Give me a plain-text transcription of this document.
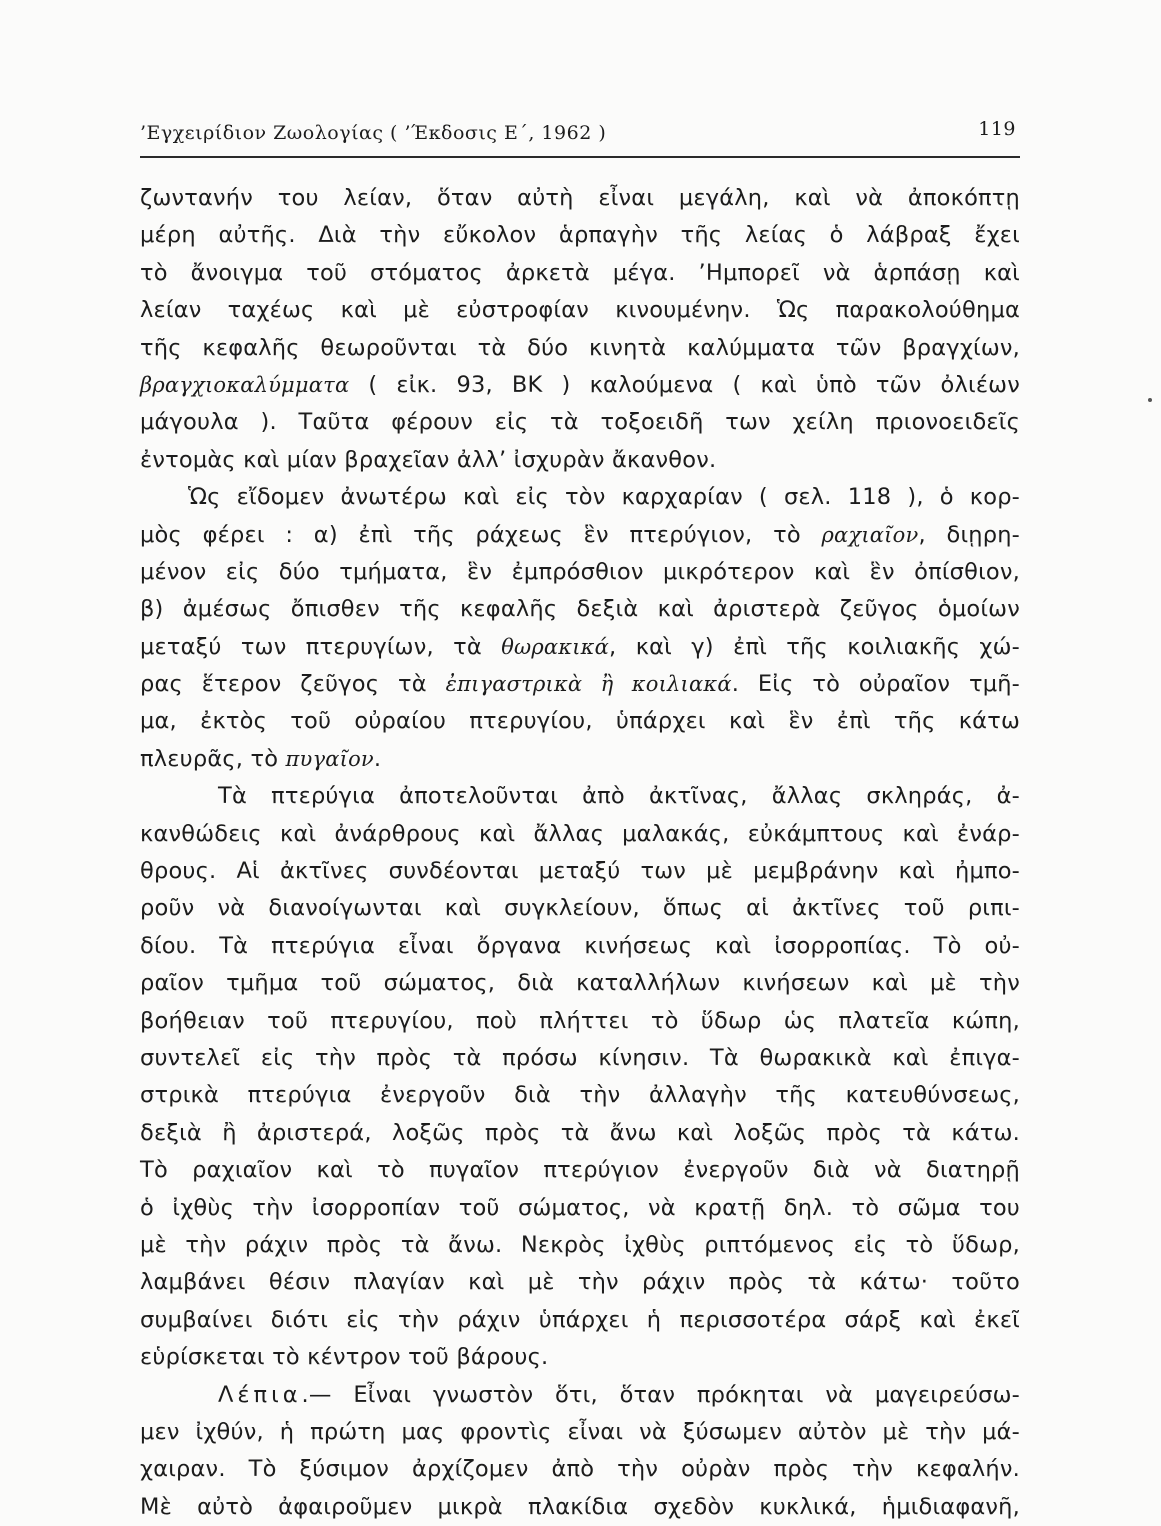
’Εγχειρίδιον Ζωολογίας ( ’Έκδοσις Ε΄, 1962 )	119
ζωντανήν του λείαν, ὅταν αὐτὴ εἶναι μεγάλη, καὶ νὰ ἀποκόπτῃ
μέρη αὐτῆς. Διὰ τὴν εὔκολον ἁρπαγὴν τῆς λείας ὁ λάβραξ ἔχει
τὸ ἄνοιγμα τοῦ στόματος ἀρκετὰ μέγα. ’Ημπορεῖ νὰ ἁρπάσῃ καὶ
λείαν ταχέως καὶ μὲ εὐστροφίαν κινουμένην. Ὡς παρακολούθημα
τῆς κεφαλῆς θεωροῦνται τὰ δύο κινητὰ καλύμματα τῶν βραγχίων,
βραγχιοκαλύμματα ( εἰκ. 93, ΒΚ ) καλούμενα ( καὶ ὑπὸ τῶν ὀλιέων
μάγουλα ). Ταῦτα φέρουν εἰς τὰ τοξοειδῆ των χείλη πριονοειδεῖς
ἐντομὰς καὶ μίαν βραχεῖαν ἀλλ’ ἰσχυρὰν ἄκανθον.
Ὡς εἴδομεν ἀνωτέρω καὶ εἰς τὸν καρχαρίαν ( σελ. 118 ), ὁ κορ-
μὸς φέρει : α) ἐπὶ τῆς ράχεως ἓν πτερύγιον, τὸ ραχιαῖον, διῃρη-
μένον εἰς δύο τμήματα, ἓν ἐμπρόσθιον μικρότερον καὶ ἓν ὀπίσθιον,
β) ἀμέσως ὄπισθεν τῆς κεφαλῆς δεξιὰ καὶ ἀριστερὰ ζεῦγος ὁμοίων
μεταξύ των πτερυγίων, τὰ θωρακικά, καὶ γ) ἐπὶ τῆς κοιλιακῆς χώ-
ρας ἕτερον ζεῦγος τὰ ἐπιγαστρικὰ ἢ κοιλιακά. Εἰς τὸ οὐραῖον τμῆ-
μα, ἐκτὸς τοῦ οὐραίου πτερυγίου, ὑπάρχει καὶ ἓν ἐπὶ τῆς κάτω
πλευρᾶς, τὸ πυγαῖον.
Τὰ πτερύγια ἀποτελοῦνται ἀπὸ ἀκτῖνας, ἄλλας σκληράς, ἀ-
κανθώδεις καὶ ἀνάρθρους καὶ ἄλλας μαλακάς, εὐκάμπτους καὶ ἐνάρ-
θρους. Αἱ ἀκτῖνες συνδέονται μεταξύ των μὲ μεμβράνην καὶ ἠμπο-
ροῦν νὰ διανοίγωνται καὶ συγκλείουν, ὅπως αἱ ἀκτῖνες τοῦ ριπι-
δίου. Τὰ πτερύγια εἶναι ὄργανα κινήσεως καὶ ἰσορροπίας. Τὸ οὐ-
ραῖον τμῆμα τοῦ σώματος, διὰ καταλλήλων κινήσεων καὶ μὲ τὴν
βοήθειαν τοῦ πτερυγίου, ποὺ πλήττει τὸ ὕδωρ ὡς πλατεῖα κώπη,
συντελεῖ εἰς τὴν πρὸς τὰ πρόσω κίνησιν. Τὰ θωρακικὰ καὶ ἐπιγα-
στρικὰ πτερύγια ἐνεργοῦν διὰ τὴν ἀλλαγὴν τῆς κατευθύνσεως,
δεξιὰ ἢ ἀριστερά, λοξῶς πρὸς τὰ ἄνω καὶ λοξῶς πρὸς τὰ κάτω.
Τὸ ραχιαῖον καὶ τὸ πυγαῖον πτερύγιον ἐνεργοῦν διὰ νὰ διατηρῇ
ὁ ἰχθὺς τὴν ἰσορροπίαν τοῦ σώματος, νὰ κρατῇ δηλ. τὸ σῶμα του
μὲ τὴν ράχιν πρὸς τὰ ἄνω. Νεκρὸς ἰχθὺς ριπτόμενος εἰς τὸ ὕδωρ,
λαμβάνει θέσιν πλαγίαν καὶ μὲ τὴν ράχιν πρὸς τὰ κάτω· τοῦτο
συμβαίνει διότι εἰς τὴν ράχιν ὑπάρχει ἡ περισσοτέρα σάρξ καὶ ἐκεῖ
εὑρίσκεται τὸ κέντρον τοῦ βάρους.
Λέπια.— Εἶναι γνωστὸν ὅτι, ὅταν πρόκηται νὰ μαγειρεύσω-
μεν ἰχθύν, ἡ πρώτη μας φροντὶς εἶναι νὰ ξύσωμεν αὐτὸν μὲ τὴν μά-
χαιραν. Τὸ ξύσιμον ἀρχίζομεν ἀπὸ τὴν οὐρὰν πρὸς τὴν κεφαλήν.
Μὲ αὐτὸ ἀφαιροῦμεν μικρὰ πλακίδια σχεδὸν κυκλικά, ἡμιδιαφανῆ,
